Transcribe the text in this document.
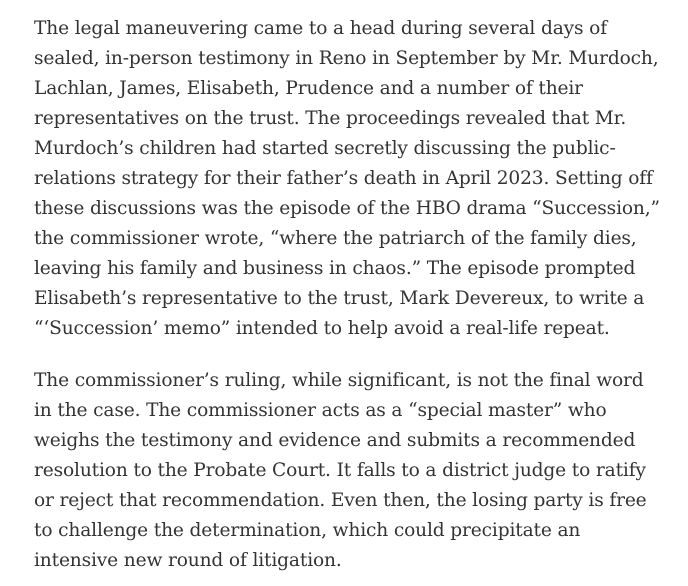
The legal maneuvering came to a head during several days of sealed, in-person testimony in Reno in September by Mr. Murdoch, Lachlan, James, Elisabeth, Prudence and a number of their representatives on the trust. The proceedings revealed that Mr. Murdoch’s children had started secretly discussing the public-relations strategy for their father’s death in April 2023. Setting off these discussions was the episode of the HBO drama “Succession,” the commissioner wrote, “where the patriarch of the family dies, leaving his family and business in chaos.” The episode prompted Elisabeth’s representative to the trust, Mark Devereux, to write a “‘Succession’ memo” intended to help avoid a real-life repeat.

The commissioner’s ruling, while significant, is not the final word in the case. The commissioner acts as a “special master” who weighs the testimony and evidence and submits a recommended resolution to the Probate Court. It falls to a district judge to ratify or reject that recommendation. Even then, the losing party is free to challenge the determination, which could precipitate an intensive new round of litigation.
